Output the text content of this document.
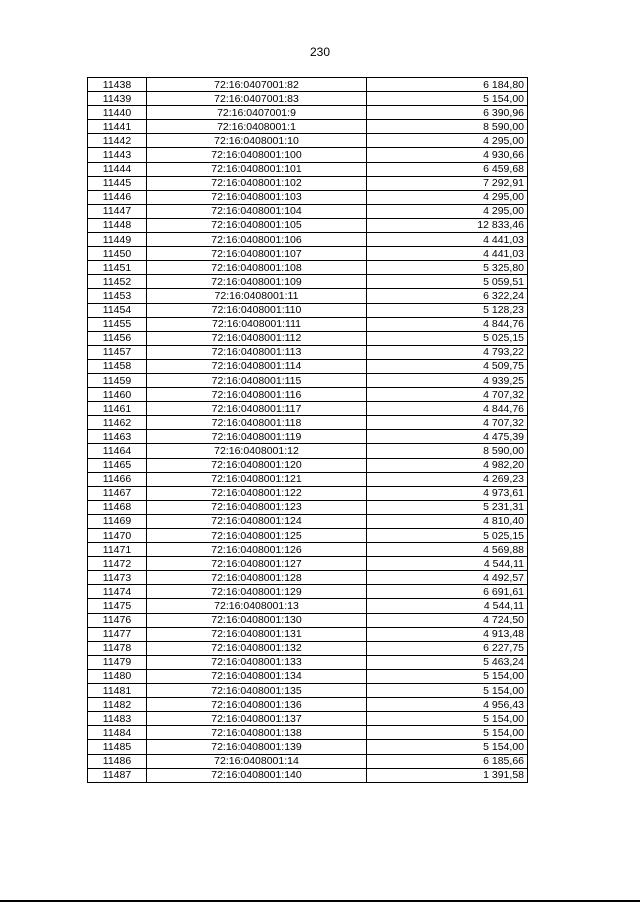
230
11438	72:16:0407001:82	6 184,80
11439	72:16:0407001:83	5 154,00
11440	72:16:0407001:9	6 390,96
11441	72:16:0408001:1	8 590,00
11442	72:16:0408001:10	4 295,00
11443	72:16:0408001:100	4 930,66
11444	72:16:0408001:101	6 459,68
11445	72:16:0408001:102	7 292,91
11446	72:16:0408001:103	4 295,00
11447	72:16:0408001:104	4 295,00
11448	72:16:0408001:105	12 833,46
11449	72:16:0408001:106	4 441,03
11450	72:16:0408001:107	4 441,03
11451	72:16:0408001:108	5 325,80
11452	72:16:0408001:109	5 059,51
11453	72:16:0408001:11	6 322,24
11454	72:16:0408001:110	5 128,23
11455	72:16:0408001:111	4 844,76
11456	72:16:0408001:112	5 025,15
11457	72:16:0408001:113	4 793,22
11458	72:16:0408001:114	4 509,75
11459	72:16:0408001:115	4 939,25
11460	72:16:0408001:116	4 707,32
11461	72:16:0408001:117	4 844,76
11462	72:16:0408001:118	4 707,32
11463	72:16:0408001:119	4 475,39
11464	72:16:0408001:12	8 590,00
11465	72:16:0408001:120	4 982,20
11466	72:16:0408001:121	4 269,23
11467	72:16:0408001:122	4 973,61
11468	72:16:0408001:123	5 231,31
11469	72:16:0408001:124	4 810,40
11470	72:16:0408001:125	5 025,15
11471	72:16:0408001:126	4 569,88
11472	72:16:0408001:127	4 544,11
11473	72:16:0408001:128	4 492,57
11474	72:16:0408001:129	6 691,61
11475	72:16:0408001:13	4 544,11
11476	72:16:0408001:130	4 724,50
11477	72:16:0408001:131	4 913,48
11478	72:16:0408001:132	6 227,75
11479	72:16:0408001:133	5 463,24
11480	72:16:0408001:134	5 154,00
11481	72:16:0408001:135	5 154,00
11482	72:16:0408001:136	4 956,43
11483	72:16:0408001:137	5 154,00
11484	72:16:0408001:138	5 154,00
11485	72:16:0408001:139	5 154,00
11486	72:16:0408001:14	6 185,66
11487	72:16:0408001:140	1 391,58
